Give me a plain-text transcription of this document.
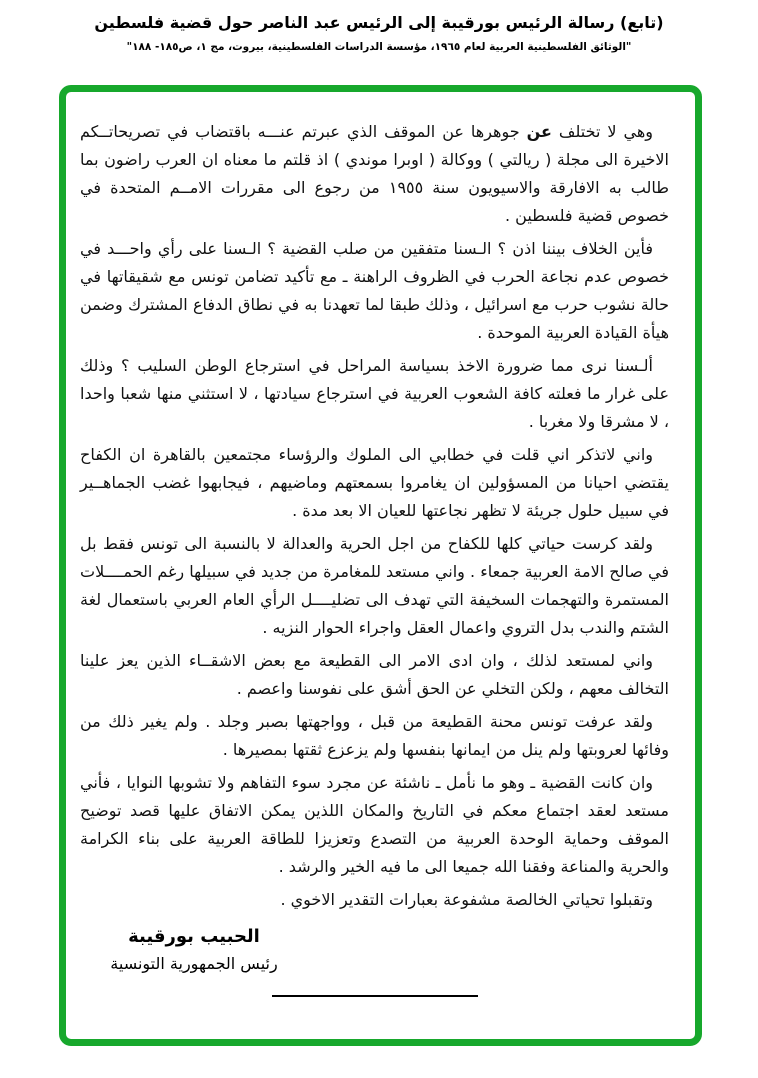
(تابع) رسالة الرئيس بورقيبة إلى الرئيس عبد الناصر حول قضية فلسطين
"الوثائق الفلسطينية العربية لعام ١٩٦٥، مؤسسة الدراسات الفلسطينية، بيروت، مج ١، ص١٨٥- ١٨٨"

وهي لا تختلف عن جوهرها عن الموقف الذي عبرتم عنـــه باقتضاب في تصريحاتــكم الاخيرة الى مجلة ( ريالتي ) ووكالة ( اوبرا موندي ) اذ قلتم ما معناه ان العرب راضون بما طالب به الافارقة والاسيويون سنة ١٩٥٥ من رجوع الى مقررات الامــم المتحدة في خصوص قضية فلسطين .

فأين الخلاف بيننا اذن ؟ الـسنا متفقين من صلب القضية ؟ الـسنا على رأي واحـــد في خصوص عدم نجاعة الحرب في الظروف الراهنة ـ مع تأكيد تضامن تونس مع شقيقاتها في حالة نشوب حرب مع اسرائيل ، وذلك طبقا لما تعهدنا به في نطاق الدفاع المشترك وضمن هيأة القيادة العربية الموحدة .

ألـسنا نرى مما ضرورة الاخذ بسياسة المراحل في استرجاع الوطن السليب ؟ وذلك على غرار ما فعلته كافة الشعوب العربية في استرجاع سيادتها ، لا استثني منها شعبا واحدا ، لا مشرقا ولا مغربا .

واني لاتذكر اني قلت في خطابي الى الملوك والرؤساء مجتمعين بالقاهرة ان الكفاح يقتضي احيانا من المسؤولين ان يغامروا بسمعتهم وماضيهم ، فيجابهوا غضب الجماهــير في سبيل حلول جريئة لا تظهر نجاعتها للعيان الا بعد مدة .

ولقد كرست حياتي كلها للكفاح من اجل الحرية والعدالة لا بالنسبة الى تونس فقط بل في صالح الامة العربية جمعاء . واني مستعد للمغامرة من جديد في سبيلها رغم الحمــــلات المستمرة والتهجمات السخيفة التي تهدف الى تضليــــل الرأي العام العربي باستعمال لغة الشتم والندب بدل التروي واعمال العقل واجراء الحوار النزيه .

واني لمستعد لذلك ، وان ادى الامر الى القطيعة مع بعض الاشقــاء الذين يعز علينا التخالف معهم ، ولكن التخلي عن الحق أشق على نفوسنا واعصم .

ولقد عرفت تونس محنة القطيعة من قبل ، وواجهتها بصبر وجلد . ولم يغير ذلك من وفائها لعروبتها ولم ينل من ايمانها بنفسها ولم يزعزع ثقتها بمصيرها .

وان كانت القضية ـ وهو ما نأمل ـ ناشئة عن مجرد سوء التفاهم ولا تشوبها النوايا ، فأني مستعد لعقد اجتماع معكم في التاريخ والمكان اللذين يمكن الاتفاق عليها قصد توضيح الموقف وحماية الوحدة العربية من التصدع وتعزيزا للطاقة العربية على بناء الكرامة والحرية والمناعة وفقنا الله جميعا الى ما فيه الخير والرشد .

وتقبلوا تحياتي الخالصة مشفوعة بعبارات التقدير الاخوي .

الحبيب بورقيبة
رئيس الجمهورية التونسية
